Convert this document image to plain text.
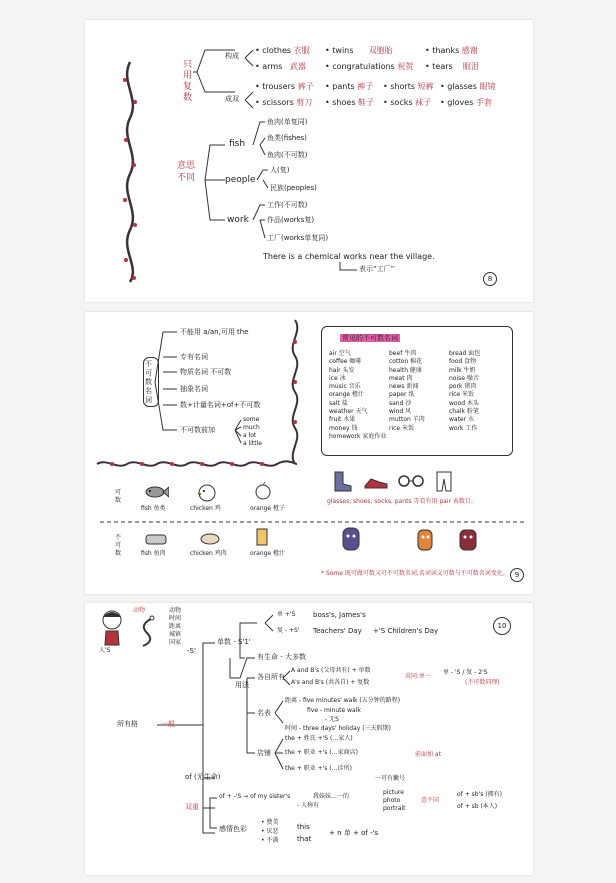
只用复数
构成
成双
• clothes 衣服 • twins 双胞胎	• thanks 感谢
• arms 武器 • congratulations 祝贺 • tears 眼泪
• trousers 裤子 • pants 裤子 • shorts 短裤 • glasses 眼镜
• scissors 剪刀 • shoes 鞋子 • socks 袜子 • gloves 手套
意思不同
fish
people
work
鱼肉(单复同)
鱼类(fishes)
鱼肉(不可数)
人(复)
民族(peoples)
工作(不可数)
作品(works复)
工厂(works单复同)
There is a chemical works near the village.
表示“工厂”
8
不可数名词
不能用 a/an,可用 the
专有名词
物质名词 不可数
抽象名词
数+计量名词+of+不可数
不可数前加
some
much
a lot
a little
常见的不可数名词
air 空气	beef 牛肉	bread 面包
coffee 咖啡	cotton 棉花	food 食物
hair 头发	health 健康	milk 牛奶
ice 冰	meat 肉	noise 噪音
music 音乐	news 新闻	pork 猪肉
orange 橙汁	paper 纸	rice 米饭
salt 盐	sand 沙	wood 木头
weather 天气	wind 风	chalk 粉笔
fruit 水果	mutton 羊肉	water 水
money 钱	rice 米饭	work 工作
homework 家庭作业
可数
不可数
fish 鱼类	chicken 鸡	orange 橙子
fish 鱼肉	chicken 鸡肉	orange 橙汁
glasses, shoes, socks, pants 等看有用 pair 表数目。
* Some 既可做可数又可不可数名词,名词词义可数与不可数名词变化。 9
人'S
动物	动物
时间
距离
城镇
国家
-S'
所有格	一般
单数 - S'1'
单 +'S
复 - +S'
boss's, James's
Teachers' Day +'S Children's Day
10
用法
有生命 - 大多数
各自所有
A and B's (父母共有) + 单数
A's and B's (共各自) + 复数
共同:单一
单 - 'S / 复 - 2'S
(不可数同理)
名表
距离 - five minutes' walk (五分钟的路程)
five - minute walk
- 无S
时间 - three days' holiday (三天假期)
店铺
the + 姓氏 +'S (…家人)
the + 职业 +'s (…家商店)
the + 职业 +'s (…诊所)
前面加 at
一可有撇号
of (无生命)
双重
of + -'S → of my sister's	我妹妹…一的
- 人称有
picture
photo
portrait
意不同
of + sb's (拥有)
of + sb (本人)
感情色彩
• 赞美
• 厌恶
• 不满
this
that
+ n 单 + of -'s
